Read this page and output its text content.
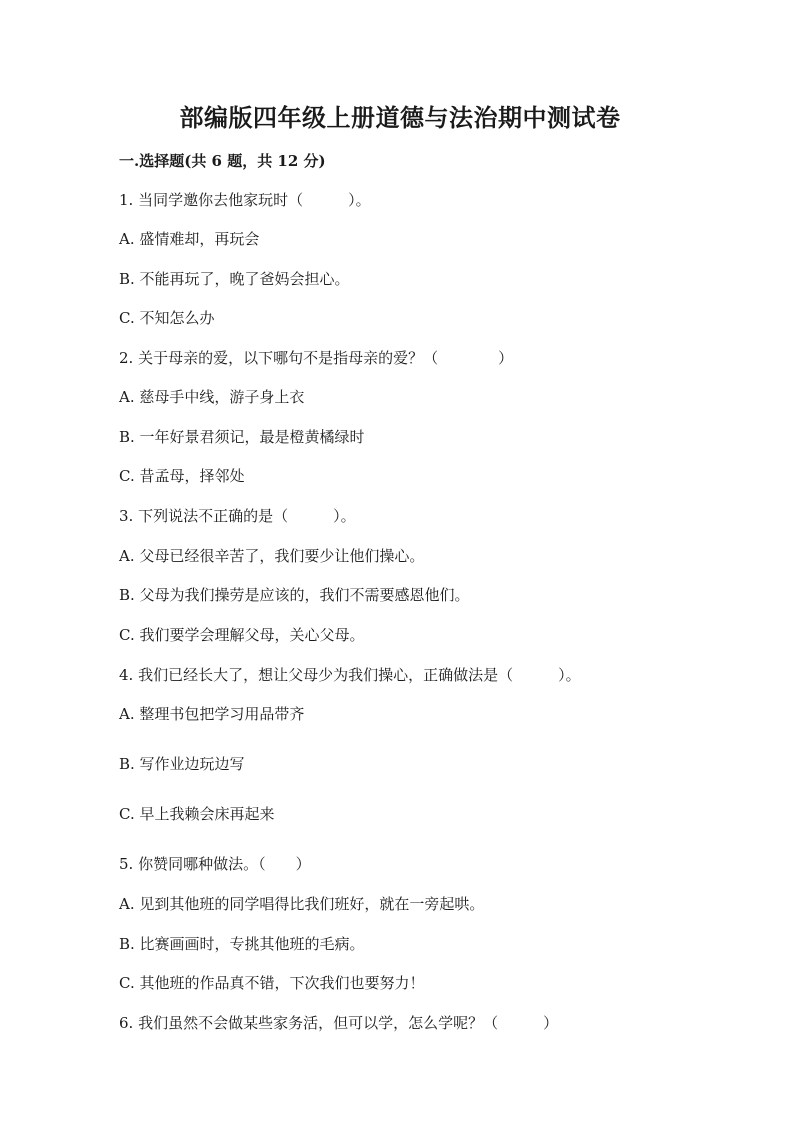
部编版四年级上册道德与法治期中测试卷
一.选择题(共 6 题，共 12 分)
1. 当同学邀你去他家玩时（　　　）。
A. 盛情难却，再玩会
B. 不能再玩了，晚了爸妈会担心。
C. 不知怎么办
2. 关于母亲的爱，以下哪句不是指母亲的爱？（　　　　）
A. 慈母手中线，游子身上衣
B. 一年好景君须记，最是橙黄橘绿时
C. 昔孟母，择邻处
3. 下列说法不正确的是（　　　）。
A. 父母已经很辛苦了，我们要少让他们操心。
B. 父母为我们操劳是应该的，我们不需要感恩他们。
C. 我们要学会理解父母，关心父母。
4. 我们已经长大了，想让父母少为我们操心，正确做法是（　　　）。
A. 整理书包把学习用品带齐
B. 写作业边玩边写
C. 早上我赖会床再起来
5. 你赞同哪种做法。（　　）
A. 见到其他班的同学唱得比我们班好，就在一旁起哄。
B. 比赛画画时，专挑其他班的毛病。
C. 其他班的作品真不错，下次我们也要努力！
6. 我们虽然不会做某些家务活，但可以学，怎么学呢？（　　　）
